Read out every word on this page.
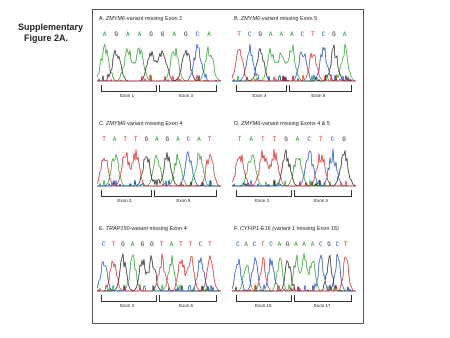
Supplementary
Figure 2A.
A. ZMYM6-variant missing Exon 2
A G A A G G A G C A
Exon 1	Exon 3
B. ZMYM6-variant missing Exon 5
T C G A A A C T C G A
Exon 4	Exon 6
C. ZMYM6-variant missing Exon 4
T A T T G A G A C A T
Exon 3	Exon 5
D. ZMYM6-variant missing Exons 4 & 5
T A T T G A C T C G
Exon 3	Exon 6
E. TRAP150-variant missing Exon 4
C T G A G G T A T T C T
Exon 3	Exon 5
F. CYFIP1-E16 (variant 1 missing Exon 16)
C A C T C A G A A A C G C T
Exon 15	Exon 17
